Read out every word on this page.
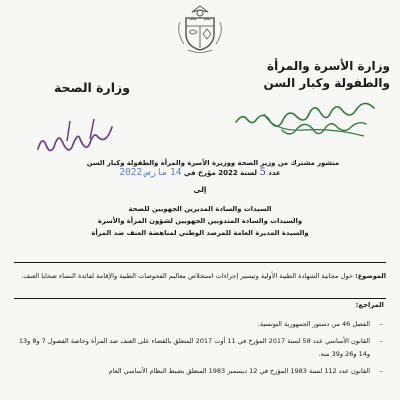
وزارة الأسرة والمرأة
والطفولة وكبار السن
وزارة الصحة
منشور مشترك من وزير الصحة ووزيرة الأسرة والمرأة والطفولة وكبار السن
عدد 5 لسنة 2022 مؤرخ في 14 مارس 2022
إلى
السيدات والسادة المديرين الجهويين للصحة
والسيدات والسادة المندوبين الجهويين لشؤون المرأة والأسرة
والسيدة المديرة العامة للمرصد الوطني لمناهضة العنف ضد المرأة
الموضوع: حول مجانية الشهادة الطبية الأولية وتيسير إجراءات استخلاص معاليم الفحوصات الطبية والإقامة لفائدة النساء ضحايا العنف.
المراجع:
-
الفصل 46 من دستور الجمهورية التونسية.
-
القانون الأساسي عدد 58 لسنة 2017 المؤرخ في 11 أوت 2017 المتعلق بالقضاء على العنف ضد المرأة وخاصة الفصول 7 و8 و13 و14 و26 و39 منه.
-
القانون عدد 112 لسنة 1983 المؤرخ في 12 ديسمبر 1983 المتعلق بضبط النظام الأساسي العام
